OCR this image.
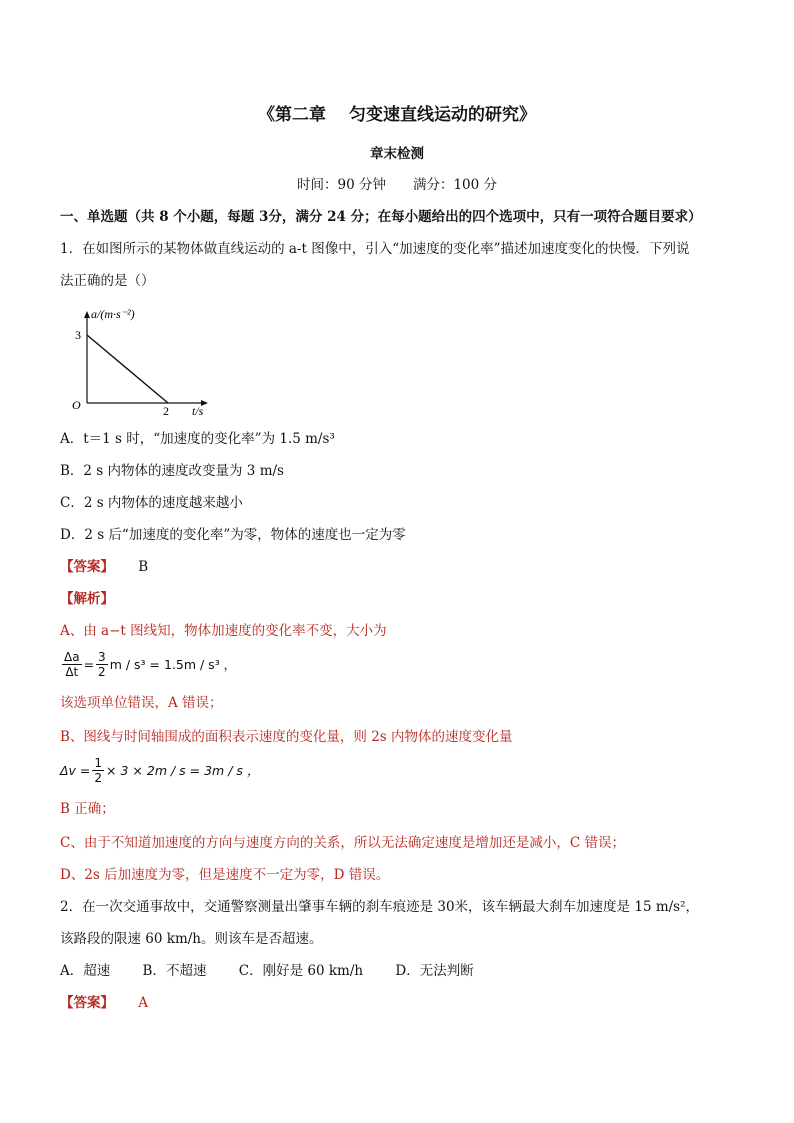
《第二章　 匀变速直线运动的研究》
章末检测
时间：90 分钟　　满分：100 分
一、单选题（共 8 个小题，每题 3分，满分 24 分；在每小题给出的四个选项中，只有一项符合题目要求）
1．在如图所示的某物体做直线运动的 a-t 图像中，引入“加速度的变化率”描述加速度变化的快慢．下列说
法正确的是（）
a/(m·s⁻²)
t/s
O
3
2
A．t＝1 s 时，“加速度的变化率”为 1.5 m/s³
B．2 s 内物体的速度改变量为 3 m/s
C．2 s 内物体的速度越来越小
D．2 s 后“加速度的变化率”为零，物体的速度也一定为零
【答案】 B
【解析】
A、由 a−t 图线知，物体加速度的变化率不变，大小为
$\frac{\Delta a}{\Delta t} = \frac{3}{2}$ m / s³ = 1.5m / s³ ，
该选项单位错误，A 错误；
B、图线与时间轴围成的面积表示速度的变化量，则 2s 内物体的速度变化量
$\Delta v = \frac{1}{2} \times 3 \times 2m / s = 3m / s$ ，
B 正确；
C、由于不知道加速度的方向与速度方向的关系，所以无法确定速度是增加还是减小，C 错误；
D、2s 后加速度为零，但是速度不一定为零，D 错误。
2．在一次交通事故中，交通警察测量出肇事车辆的刹车痕迹是 30米，该车辆最大刹车加速度是 15 m/s²，
该路段的限速 60 km/h。则该车是否超速。
A．超速 B．不超速 C．刚好是 60 km/h D．无法判断
【答案】 A
